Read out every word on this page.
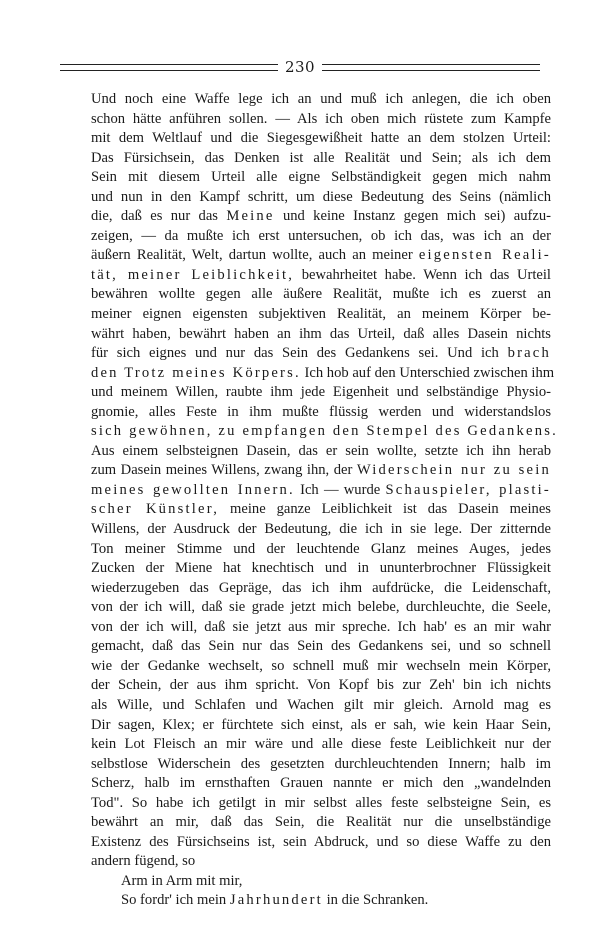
230
Und noch eine Waffe lege ich an und muß ich anlegen, die ich oben
schon hätte anführen sollen. — Als ich oben mich rüstete zum Kampfe
mit dem Weltlauf und die Siegesgewißheit hatte an dem stolzen Urteil:
Das Fürsichsein, das Denken ist alle Realität und Sein; als ich dem
Sein mit diesem Urteil alle eigne Selbständigkeit gegen mich nahm
und nun in den Kampf schritt, um diese Bedeutung des Seins (nämlich
die, daß es nur das Meine und keine Instanz gegen mich sei) aufzu-
zeigen, — da mußte ich erst untersuchen, ob ich das, was ich an der
äußern Realität, Welt, dartun wollte, auch an meiner eigensten Reali-
tät, meiner Leiblichkeit, bewahrheitet habe. Wenn ich das Urteil
bewähren wollte gegen alle äußere Realität, mußte ich es zuerst an
meiner eignen eigensten subjektiven Realität, an meinem Körper be-
währt haben, bewährt haben an ihm das Urteil, daß alles Dasein nichts
für sich eignes und nur das Sein des Gedankens sei. Und ich brach
den Trotz meines Körpers. Ich hob auf den Unterschied zwischen ihm
und meinem Willen, raubte ihm jede Eigenheit und selbständige Physio-
gnomie, alles Feste in ihm mußte flüssig werden und widerstandslos
sich gewöhnen, zu empfangen den Stempel des Gedankens.
Aus einem selbsteignen Dasein, das er sein wollte, setzte ich ihn herab
zum Dasein meines Willens, zwang ihn, der Widerschein nur zu sein
meines gewollten Innern. Ich — wurde Schauspieler, plasti-
scher Künstler, meine ganze Leiblichkeit ist das Dasein meines
Willens, der Ausdruck der Bedeutung, die ich in sie lege. Der zitternde
Ton meiner Stimme und der leuchtende Glanz meines Auges, jedes
Zucken der Miene hat knechtisch und in ununterbrochner Flüssigkeit
wiederzugeben das Gepräge, das ich ihm aufdrücke, die Leidenschaft,
von der ich will, daß sie grade jetzt mich belebe, durchleuchte, die Seele,
von der ich will, daß sie jetzt aus mir spreche. Ich hab' es an mir wahr
gemacht, daß das Sein nur das Sein des Gedankens sei, und so schnell
wie der Gedanke wechselt, so schnell muß mir wechseln mein Körper,
der Schein, der aus ihm spricht. Von Kopf bis zur Zeh' bin ich nichts
als Wille, und Schlafen und Wachen gilt mir gleich. Arnold mag es
Dir sagen, Klex; er fürchtete sich einst, als er sah, wie kein Haar Sein,
kein Lot Fleisch an mir wäre und alle diese feste Leiblichkeit nur der
selbstlose Widerschein des gesetzten durchleuchtenden Innern; halb im
Scherz, halb im ernsthaften Grauen nannte er mich den „wandelnden
Tod". So habe ich getilgt in mir selbst alles feste selbsteigne Sein, es
bewährt an mir, daß das Sein, die Realität nur die unselbständige
Existenz des Fürsichseins ist, sein Abdruck, und so diese Waffe zu den
andern fügend, so
Arm in Arm mit mir,
So fordr' ich mein Jahrhundert in die Schranken.
